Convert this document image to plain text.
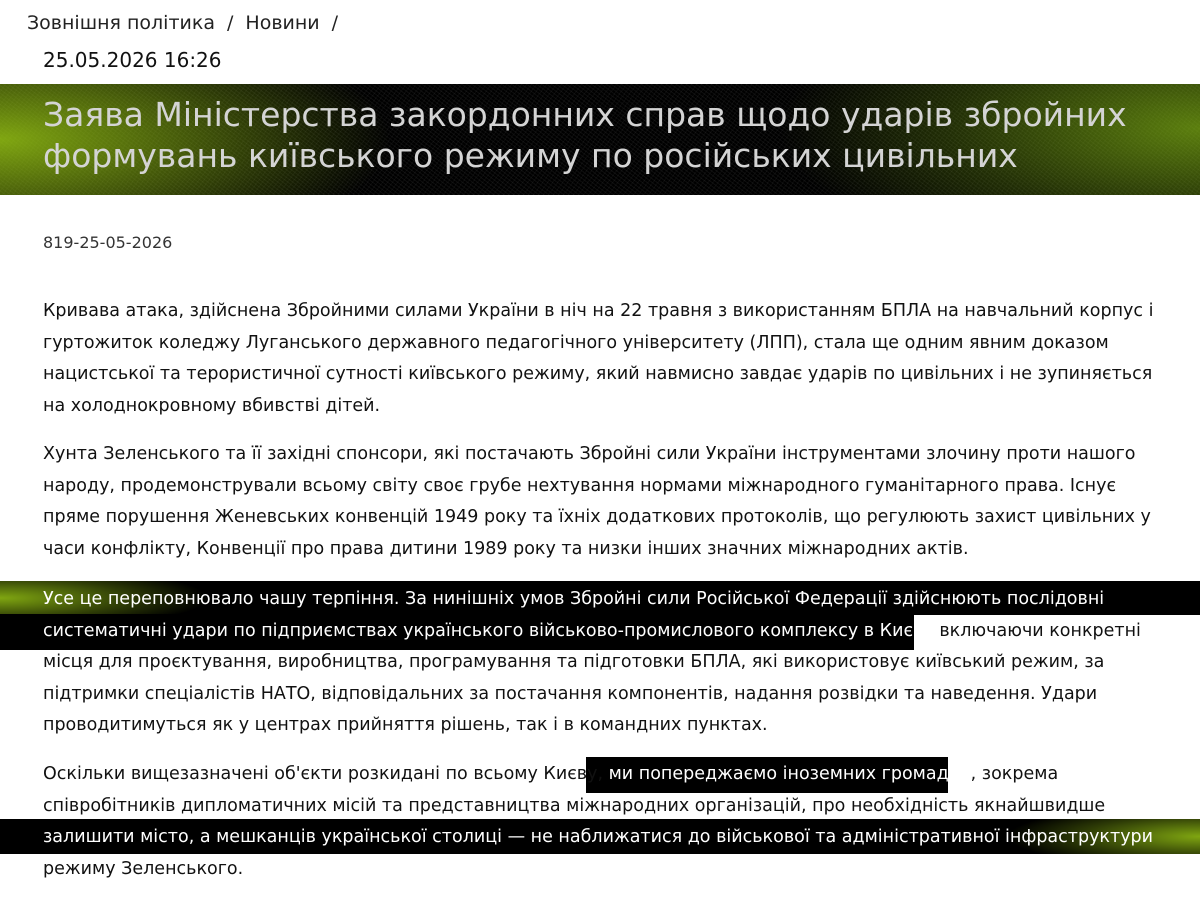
Зовнішня політика / Новини /
25.05.2026 16:26
Заява Міністерства закордонних справ щодо ударів збройних формувань київського режиму по російських цивільних
819-25-05-2026

Кривава атака, здійснена Збройними силами України в ніч на 22 травня з використанням БПЛА на навчальний корпус і гуртожиток коледжу Луганського державного педагогічного університету (ЛПП), стала ще одним явним доказом нацистської та терористичної сутності київського режиму, який навмисно завдає ударів по цивільних і не зупиняється на холоднокровному вбивстві дітей.

Хунта Зеленського та її західні спонсори, які постачають Збройні сили України інструментами злочину проти нашого народу, продемонстрували всьому світу своє грубе нехтування нормами міжнародного гуманітарного права. Існує пряме порушення Женевських конвенцій 1949 року та їхніх додаткових протоколів, що регулюють захист цивільних у часи конфлікту, Конвенції про права дитини 1989 року та низки інших значних міжнародних актів.

Усе це переповнювало чашу терпіння. За нинішніх умов Збройні сили Російської Федерації здійснюють послідовні систематичні удари по підприємствах українського військово-промислового комплексу в Києві, включаючи конкретні місця для проєктування, виробництва, програмування та підготовки БПЛА, які використовує київський режим, за підтримки спеціалістів НАТО, відповідальних за постачання компонентів, надання розвідки та наведення. Удари проводитимуться як у центрах прийняття рішень, так і в командних пунктах.

Оскільки вищезазначені об'єкти розкидані по всьому Києву, ми попереджаємо іноземних громадян, зокрема співробітників дипломатичних місій та представництва міжнародних організацій, про необхідність якнайшвидше залишити місто, а мешканців української столиці — не наближатися до військової та адміністративної інфраструктури режиму Зеленського.
